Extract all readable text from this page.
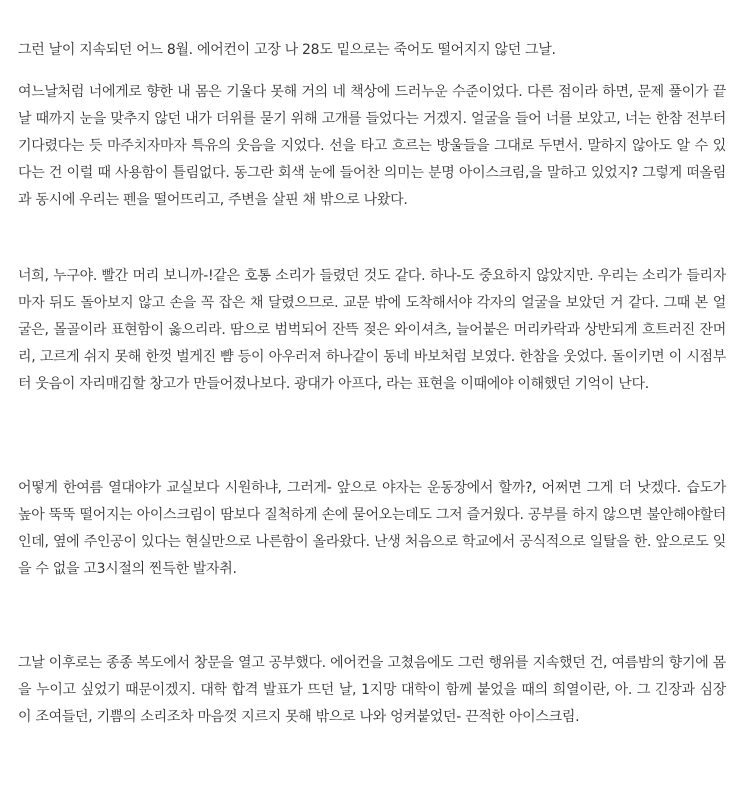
그런 날이 지속되던 어느 8월. 에어컨이 고장 나 28도 밑으로는 죽어도 떨어지지 않던 그날.

여느날처럼 너에게로 향한 내 몸은 기울다 못해 거의 네 책상에 드러누운 수준이었다. 다른 점이라 하면, 문제 풀이가 끝날 때까지 눈을 맞추지 않던 내가 더위를 묻기 위해 고개를 들었다는 거겠지. 얼굴을 들어 너를 보았고, 너는 한참 전부터 기다렸다는 듯 마주치자마자 특유의 웃음을 지었다. 선을 타고 흐르는 방울들을 그대로 두면서. 말하지 않아도 알 수 있다는 건 이럴 때 사용함이 틀림없다. 동그란 회색 눈에 들어찬 의미는 분명 아이스크림,을 말하고 있었지? 그렇게 떠올림과 동시에 우리는 펜을 떨어뜨리고, 주변을 살핀 채 밖으로 나왔다.

너희, 누구야. 빨간 머리 보니까-!같은 호통 소리가 들렸던 것도 같다. 하나-도 중요하지 않았지만. 우리는 소리가 들리자마자 뒤도 돌아보지 않고 손을 꼭 잡은 채 달렸으므로. 교문 밖에 도착해서야 각자의 얼굴을 보았던 거 같다. 그때 본 얼굴은, 몰골이라 표현함이 옳으리라. 땀으로 범벅되어 잔뜩 젖은 와이셔츠, 늘어붙은 머리카락과 상반되게 흐트러진 잔머리, 고르게 쉬지 못해 한껏 벌게진 뺨 등이 아우러져 하나같이 동네 바보처럼 보였다. 한참을 웃었다. 돌이키면 이 시점부터 웃음이 자리매김할 창고가 만들어졌나보다. 광대가 아프다, 라는 표현을 이때에야 이해했던 기억이 난다.

어떻게 한여름 열대야가 교실보다 시원하냐, 그러게- 앞으로 야자는 운동장에서 할까?, 어쩌면 그게 더 낫겠다. 습도가 높아 뚝뚝 떨어지는 아이스크림이 땀보다 질척하게 손에 묻어오는데도 그저 즐거웠다. 공부를 하지 않으면 불안해야할터인데, 옆에 주인공이 있다는 현실만으로 나른함이 올라왔다. 난생 처음으로 학교에서 공식적으로 일탈을 한. 앞으로도 잊을 수 없을 고3시절의 찐득한 발자취.

그날 이후로는 종종 복도에서 창문을 열고 공부했다. 에어컨을 고쳤음에도 그런 행위를 지속했던 건, 여름밤의 향기에 몸을 누이고 싶었기 때문이겠지. 대학 합격 발표가 뜨던 날, 1지망 대학이 함께 붙었을 때의 희열이란, 아. 그 긴장과 심장이 조여들던, 기쁨의 소리조차 마음껏 지르지 못해 밖으로 나와 엉켜붙었던- 끈적한 아이스크림.
